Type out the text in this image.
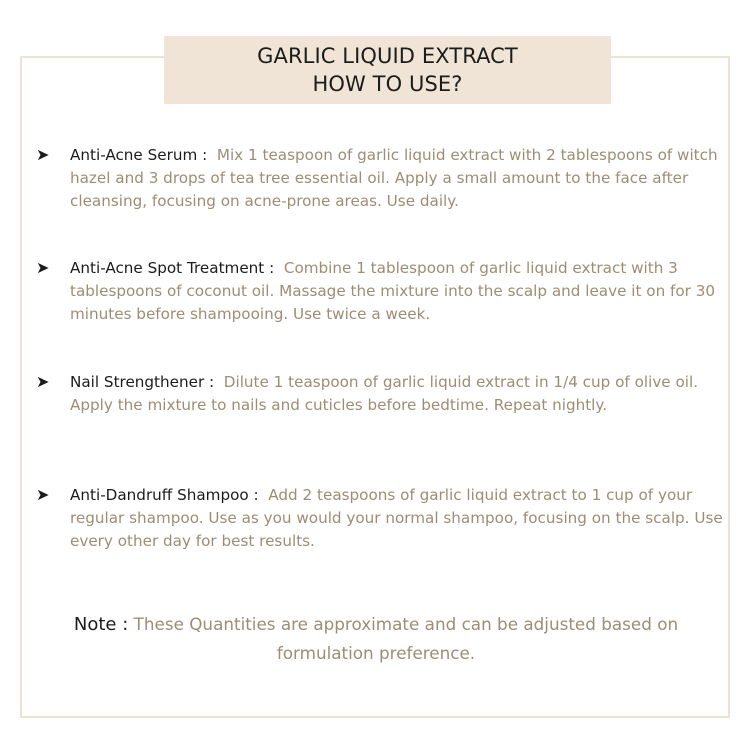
GARLIC LIQUID EXTRACT
HOW TO USE?
➤	Anti-Acne Serum : Mix 1 teaspoon of garlic liquid extract with 2 tablespoons of witch hazel and 3 drops of tea tree essential oil. Apply a small amount to the face after cleansing, focusing on acne-prone areas. Use daily.
➤	Anti-Acne Spot Treatment : Combine 1 tablespoon of garlic liquid extract with 3 tablespoons of coconut oil. Massage the mixture into the scalp and leave it on for 30 minutes before shampooing. Use twice a week.
➤	Nail Strengthener : Dilute 1 teaspoon of garlic liquid extract in 1/4 cup of olive oil. Apply the mixture to nails and cuticles before bedtime. Repeat nightly.
➤	Anti-Dandruff Shampoo : Add 2 teaspoons of garlic liquid extract to 1 cup of your regular shampoo. Use as you would your normal shampoo, focusing on the scalp. Use every other day for best results.
Note : These Quantities are approximate and can be adjusted based on formulation preference.
